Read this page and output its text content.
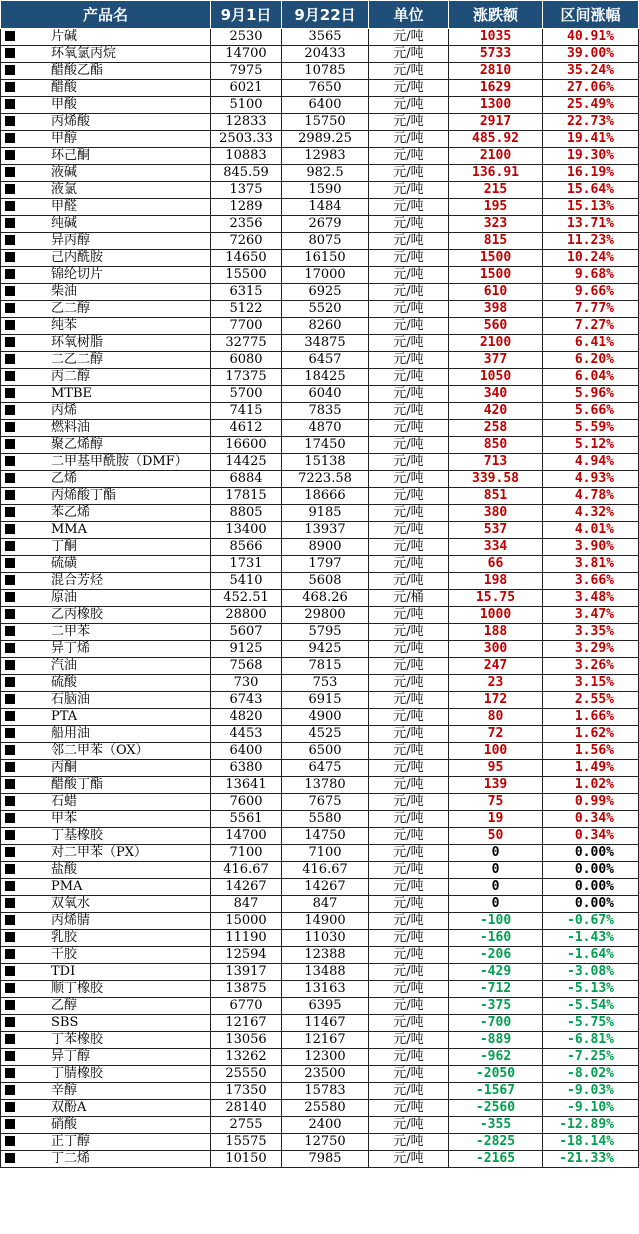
产品名	9月1日	9月22日	单位	涨跌额	区间涨幅
片碱	2530	3565	元/吨	1035	40.91%
环氧氯丙烷	14700	20433	元/吨	5733	39.00%
醋酸乙酯	7975	10785	元/吨	2810	35.24%
醋酸	6021	7650	元/吨	1629	27.06%
甲酸	5100	6400	元/吨	1300	25.49%
丙烯酸	12833	15750	元/吨	2917	22.73%
甲醇	2503.33	2989.25	元/吨	485.92	19.41%
环己酮	10883	12983	元/吨	2100	19.30%
液碱	845.59	982.5	元/吨	136.91	16.19%
液氯	1375	1590	元/吨	215	15.64%
甲醛	1289	1484	元/吨	195	15.13%
纯碱	2356	2679	元/吨	323	13.71%
异丙醇	7260	8075	元/吨	815	11.23%
己内酰胺	14650	16150	元/吨	1500	10.24%
锦纶切片	15500	17000	元/吨	1500	9.68%
柴油	6315	6925	元/吨	610	9.66%
乙二醇	5122	5520	元/吨	398	7.77%
纯苯	7700	8260	元/吨	560	7.27%
环氧树脂	32775	34875	元/吨	2100	6.41%
二乙二醇	6080	6457	元/吨	377	6.20%
丙二醇	17375	18425	元/吨	1050	6.04%
MTBE	5700	6040	元/吨	340	5.96%
丙烯	7415	7835	元/吨	420	5.66%
燃料油	4612	4870	元/吨	258	5.59%
聚乙烯醇	16600	17450	元/吨	850	5.12%
二甲基甲酰胺（DMF）	14425	15138	元/吨	713	4.94%
乙烯	6884	7223.58	元/吨	339.58	4.93%
丙烯酸丁酯	17815	18666	元/吨	851	4.78%
苯乙烯	8805	9185	元/吨	380	4.32%
MMA	13400	13937	元/吨	537	4.01%
丁酮	8566	8900	元/吨	334	3.90%
硫磺	1731	1797	元/吨	66	3.81%
混合芳烃	5410	5608	元/吨	198	3.66%
原油	452.51	468.26	元/桶	15.75	3.48%
乙丙橡胶	28800	29800	元/吨	1000	3.47%
二甲苯	5607	5795	元/吨	188	3.35%
异丁烯	9125	9425	元/吨	300	3.29%
汽油	7568	7815	元/吨	247	3.26%
硫酸	730	753	元/吨	23	3.15%
石脑油	6743	6915	元/吨	172	2.55%
PTA	4820	4900	元/吨	80	1.66%
船用油	4453	4525	元/吨	72	1.62%
邻二甲苯（OX）	6400	6500	元/吨	100	1.56%
丙酮	6380	6475	元/吨	95	1.49%
醋酸丁酯	13641	13780	元/吨	139	1.02%
石蜡	7600	7675	元/吨	75	0.99%
甲苯	5561	5580	元/吨	19	0.34%
丁基橡胶	14700	14750	元/吨	50	0.34%
对二甲苯（PX）	7100	7100	元/吨	0	0.00%
盐酸	416.67	416.67	元/吨	0	0.00%
PMA	14267	14267	元/吨	0	0.00%
双氧水	847	847	元/吨	0	0.00%
丙烯腈	15000	14900	元/吨	-100	-0.67%
乳胶	11190	11030	元/吨	-160	-1.43%
干胶	12594	12388	元/吨	-206	-1.64%
TDI	13917	13488	元/吨	-429	-3.08%
顺丁橡胶	13875	13163	元/吨	-712	-5.13%
乙醇	6770	6395	元/吨	-375	-5.54%
SBS	12167	11467	元/吨	-700	-5.75%
丁苯橡胶	13056	12167	元/吨	-889	-6.81%
异丁醇	13262	12300	元/吨	-962	-7.25%
丁腈橡胶	25550	23500	元/吨	-2050	-8.02%
辛醇	17350	15783	元/吨	-1567	-9.03%
双酚A	28140	25580	元/吨	-2560	-9.10%
硝酸	2755	2400	元/吨	-355	-12.89%
正丁醇	15575	12750	元/吨	-2825	-18.14%
丁二烯	10150	7985	元/吨	-2165	-21.33%
